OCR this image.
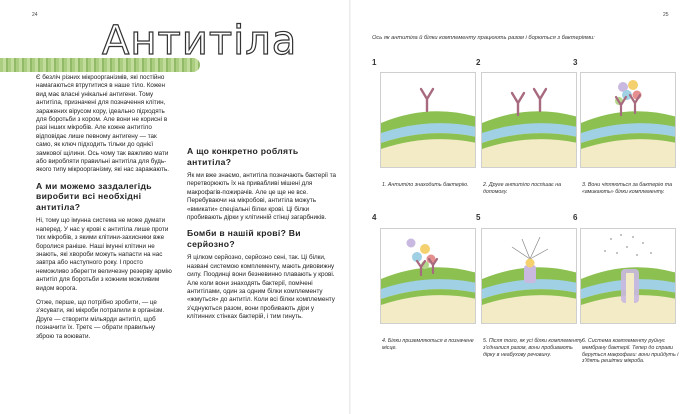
24
Антитіла

Є безліч різних мікроорганізмів, які постійно намагаються втрутитися в наше тіло. Кожен вид має власні унікальні антигени. Тому антитіла, призначені для позначення клітин, заражених вірусом кору, ідеально підходять для боротьби з кором. Але вони не корисні в разі інших мікробів. Але кожне антитіло відповідає лише певному антигену — так само, як ключ підходить тільки до однієї замкової щілини. Ось чому так важливо мати або виробляти правильні антитіла для будь-якого типу мікроорганізму, які нас заражають.

А ми можемо заздалегідь виробити всі необхідні антитіла?

Ні, тому що імунна система не може думати наперед. У нас у крові є антитіла лише проти тих мікробів, з якими клітини-захисники вже боролися раніше. Наші імунні клітини не знають, які хвороби можуть напасти на нас завтра або наступного року. І просто неможливо зберегти величезну резерву армію антитіл для боротьби з кожним можливим видом ворога.

Отже, перше, що потрібно зробити, — це з'ясувати, які мікроби потрапили в організм. Друге — створити мільярди антитіл, щоб позначити їх. Третє — обрати правильну зброю та воювати.

А що конкретно роблять антитіла?

Як ми вже знаємо, антитіла позначають бактерії та перетворюють їх на привабливі мішені для макрофагів-пожирачів. Але це ще не все. Перебуваючи на мікробові, антитіла можуть «вмикати» спеціальні білки крові. Ці білки пробивають дірки у клітинній стінці загарбників.

Бомби в нашій крові? Ви серйозно?

Я цілком серйозно, серйозно сені, так. Ці білки, названі системою комплементу, мають дивовижну силу. Поодинці вони безневинно плавають у крові. Але коли вони знаходять бактерії, помічені антитілами, один за одним білки комплементу «жмуться» до антитіл. Коли всі білки комплементу з'єднуються разом, вони пробивають діри у клітинних стінках бактерій, і тим гинуть.

25
Ось як антитіла й білки комплементу працюють разом і борються з бактеріями:
1
1. Антитіло знаходить бактерію.
2
2. Друге антитіло поспішає на допомогу.
3
3. Вони чіпляються за бактерію та «вмикають» білки комплементу.
4
4. Білки приземляються в позначене місце.
5
5. Після того, як усі білки комплементу з'єдналися разом, вони пробивають дірку в неабухову речовину.
6
6. Система комплементу руйнує мембрану бактерії. Тепер до справи беруться макрофаги: вони прийдуть і з'їдять решітки мікроба.
